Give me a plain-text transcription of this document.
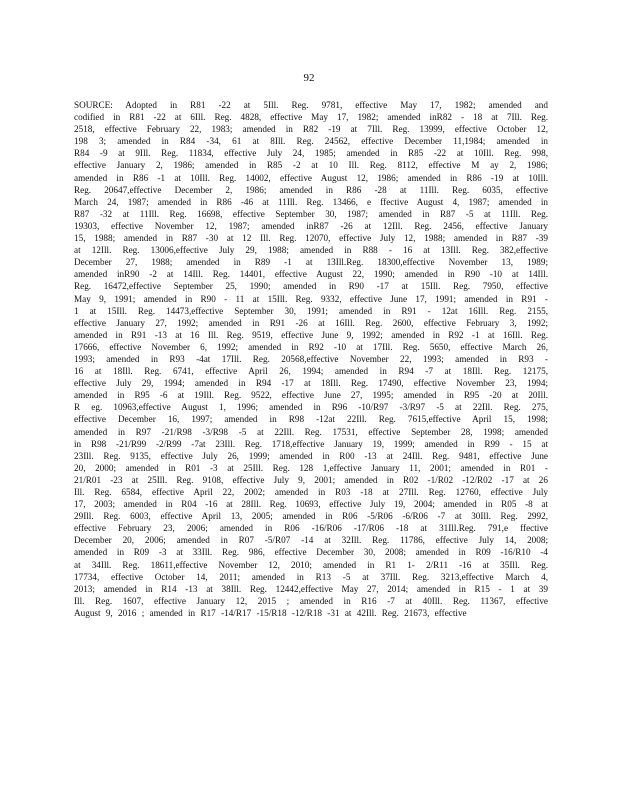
92
SOURCE: Adopted in R81 -22 at 5Ill. Reg. 9781, effective May 17, 1982; amended and
codified in R81 -22 at 6Ill. Reg. 4828, effective May 17, 1982; amended inR82 - 18 at 7Ill. Reg.
2518, effective February 22, 1983; amended in R82 -19 at 7Ill. Reg. 13999, effective October 12,
198 3; amended in R84 -34, 61 at 8Ill. Reg. 24562, effective December 11,1984; amended in
R84 -9 at 9Ill. Reg. 11834, effective July 24, 1985; amended in R85 -22 at 10Ill. Reg. 998,
effective January 2, 1986; amended in R85 -2 at 10 Ill. Reg. 8112, effective M ay 2, 1986;
amended in R86 -1 at 10Ill. Reg. 14002, effective August 12, 1986; amended in R86 -19 at 10Ill.
Reg. 20647,effective December 2, 1986; amended in R86 -28 at 11Ill. Reg. 6035, effective
March 24, 1987; amended in R86 -46 at 11Ill. Reg. 13466, e ffective August 4, 1987; amended in
R87 -32 at 11Ill. Reg. 16698, effective September 30, 1987; amended in R87 -5 at 11Ill. Reg.
19303, effective November 12, 1987; amended inR87 -26 at 12Ill. Reg. 2456, effective January
15, 1988; amended in R87 -30 at 12 Ill. Reg. 12070, effective July 12, 1988; amended in R87 -39
at 12Ill. Reg. 13006,effective July 29, 1988; amended in R88 - 16 at 13Ill. Reg. 382,effective
December 27, 1988; amended in R89 -1 at 13Ill.Reg. 18300,effective November 13, 1989;
amended inR90 -2 at 14Ill. Reg. 14401, effective August 22, 1990; amended in R90 -10 at 14Ill.
Reg. 16472,effective September 25, 1990; amended in R90 -17 at 15Ill. Reg. 7950, effective
May 9, 1991; amended in R90 - 11 at 15Ill. Reg. 9332, effective June 17, 1991; amended in R91 -
1 at 15Ill. Reg. 14473,effective September 30, 1991; amended in R91 - 12at 16Ill. Reg. 2155,
effective January 27, 1992; amended in R91 -26 at 16Ill. Reg. 2600, effective February 3, 1992;
amended in R91 -13 at 16 Ill. Reg. 9519, effective June 9, 1992; amended in R92 -1 at 16Ill. Reg.
17666, effective November 6, 1992; amended in R92 -10 at 17Ill. Reg. 5650, effective March 26,
1993; amended in R93 -4at 17Ill. Reg. 20568,effective November 22, 1993; amended in R93 -
16 at 18Ill. Reg. 6741, effective April 26, 1994; amended in R94 -7 at 18Ill. Reg. 12175,
effective July 29, 1994; amended in R94 -17 at 18Ill. Reg. 17490, effective November 23, 1994;
amended in R95 -6 at 19Ill. Reg. 9522, effective June 27, 1995; amended in R95 -20 at 20Ill.
R eg. 10963,effective August 1, 1996; amended in R96 -10/R97 -3/R97 -5 at 22Ill. Reg. 275,
effective December 16, 1997; amended in R98 -12at 22Ill. Reg. 7615,effective April 15, 1998;
amended in R97 -21/R98 -3/R98 -5 at 22Ill. Reg. 17531, effective September 28, 1998; amended
in R98 -21/R99 -2/R99 -7at 23Ill. Reg. 1718,effective January 19, 1999; amended in R99 - 15 at
23Ill. Reg. 9135, effective July 26, 1999; amended in R00 -13 at 24Ill. Reg. 9481, effective June
20, 2000; amended in R01 -3 at 25Ill. Reg. 128 1,effective January 11, 2001; amended in R01 -
21/R01 -23 at 25Ill. Reg. 9108, effective July 9, 2001; amended in R02 -1/R02 -12/R02 -17 at 26
Ill. Reg. 6584, effective April 22, 2002; amended in R03 -18 at 27Ill. Reg. 12760, effective July
17, 2003; amended in R04 -16 at 28Ill. Reg. 10693, effective July 19, 2004; amended in R05 -8 at
29Ill. Reg. 6003, effective April 13, 2005; amended in R06 -5/R06 -6/R06 -7 at 30Ill. Reg. 2992,
effective February 23, 2006; amended in R06 -16/R06 -17/R06 -18 at 31Ill.Reg. 791,e ffective
December 20, 2006; amended in R07 -5/R07 -14 at 32Ill. Reg. 11786, effective July 14, 2008;
amended in R09 -3 at 33Ill. Reg. 986, effective December 30, 2008; amended in R09 -16/R10 -4
at 34Ill. Reg. 18611,effective November 12, 2010; amended in R1 1- 2/R11 -16 at 35Ill. Reg.
17734, effective October 14, 2011; amended in R13 -5 at 37Ill. Reg. 3213,effective March 4,
2013; amended in R14 -13 at 38Ill. Reg. 12442,effective May 27, 2014; amended in R15 - 1 at 39
Ill. Reg. 1607, effective January 12, 2015 ; amended in R16 -7 at 40Ill. Reg. 11367, effective
August 9, 2016 ; amended in R17 -14/R17 -15/R18 -12/R18 -31 at 42Ill. Reg. 21673, effective
